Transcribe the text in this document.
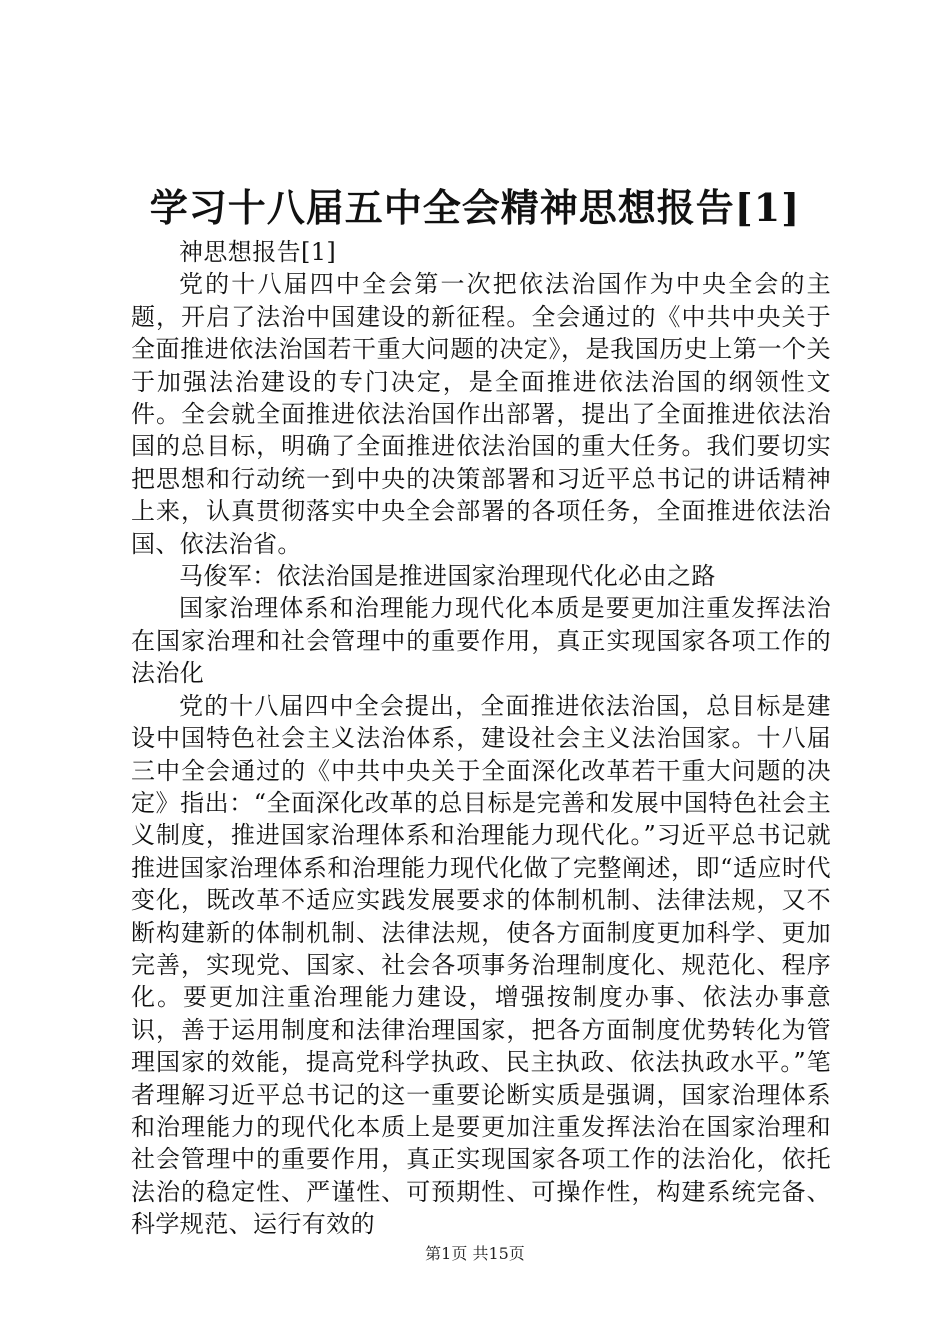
学习十八届五中全会精神思想报告[1]

神思想报告[1]

党的十八届四中全会第一次把依法治国作为中央全会的主题，开启了法治中国建设的新征程。全会通过的《中共中央关于全面推进依法治国若干重大问题的决定》，是我国历史上第一个关于加强法治建设的专门决定，是全面推进依法治国的纲领性文件。全会就全面推进依法治国作出部署，提出了全面推进依法治国的总目标，明确了全面推进依法治国的重大任务。我们要切实把思想和行动统一到中央的决策部署和习近平总书记的讲话精神上来，认真贯彻落实中央全会部署的各项任务，全面推进依法治国、依法治省。

马俊军：依法治国是推进国家治理现代化必由之路

国家治理体系和治理能力现代化本质是要更加注重发挥法治在国家治理和社会管理中的重要作用，真正实现国家各项工作的法治化

党的十八届四中全会提出，全面推进依法治国，总目标是建设中国特色社会主义法治体系，建设社会主义法治国家。十八届三中全会通过的《中共中央关于全面深化改革若干重大问题的决定》指出：“全面深化改革的总目标是完善和发展中国特色社会主义制度，推进国家治理体系和治理能力现代化。”习近平总书记就推进国家治理体系和治理能力现代化做了完整阐述，即“适应时代变化，既改革不适应实践发展要求的体制机制、法律法规，又不断构建新的体制机制、法律法规，使各方面制度更加科学、更加完善，实现党、国家、社会各项事务治理制度化、规范化、程序化。要更加注重治理能力建设，增强按制度办事、依法办事意识，善于运用制度和法律治理国家，把各方面制度优势转化为管理国家的效能，提高党科学执政、民主执政、依法执政水平。”笔者理解习近平总书记的这一重要论断实质是强调，国家治理体系和治理能力的现代化本质上是要更加注重发挥法治在国家治理和社会管理中的重要作用，真正实现国家各项工作的法治化，依托法治的稳定性、严谨性、可预期性、可操作性，构建系统完备、科学规范、运行有效的

第1页 共15页
